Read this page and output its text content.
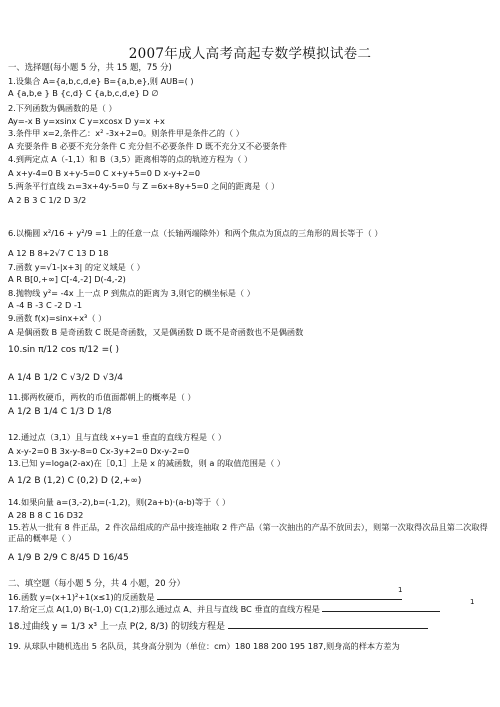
2007年成人高考高起专数学模拟试卷二
一、选择题(每小题 5 分，共 15 题，75 分)
1.设集合 A={a,b,c,d,e} B={a,b,e},则 AUB=( )
A {a,b,e } B {c,d} C {a,b,c,d,e} D ∅
2.下列函数为偶函数的是（ ）
Ay=-x B y=xsinx C y=xcosx D y=x +x
3.条件甲 x=2,条件乙：x² -3x+2=0。则条件甲是条件乙的（ ）
A 充要条件 B 必要不充分条件 C 充分但不必要条件 D 既不充分又不必要条件
4.到两定点 A（-1,1）和 B（3,5）距离相等的点的轨迹方程为（ ）
A x+y-4=0 B x+y-5=0 C x+y+5=0 D x-y+2=0
5.两条平行直线 z₁=3x+4y-5=0 与 Z =6x+8y+5=0 之间的距离是（ ）
A 2 B 3 C 1/2 D 3/2
6.以椭圆 x²/16 + y²/9 =1 上的任意一点（长轴两端除外）和两个焦点为顶点的三角形的周长等于（ ）
A 12 B 8+2√7 C 13 D 18
7.函数 y=√1-|x+3| 的定义域是（ ）
A R B[0,+∞] C[-4,-2] D(-4,-2)
8.抛物线 y²= -4x 上一点 P 到焦点的距离为 3,则它的横坐标是（ ）
A -4 B -3 C -2 D -1
9.函数 f(x)=sinx+x³（ ）
A 是偶函数 B 是奇函数 C 既是奇函数，又是偶函数 D 既不是奇函数也不是偶函数
10.sin π/12 cos π/12 =( )
A 1/4 B 1/2 C √3/2 D √3/4
11.掷两枚硬币，两枚的币值面都朝上的概率是（ ）
A 1/2 B 1/4 C 1/3 D 1/8
12.通过点（3,1）且与直线 x+y=1 垂直的直线方程是（ ）
A x-y-2=0 B 3x-y-8=0 Cx-3y+2=0 Dx-y-2=0
13.已知 y=loga(2-ax)在［0,1］上是 x 的减函数，则 a 的取值范围是（ ）
A 1/2 B (1,2) C (0,2) D (2,+∞)
14.如果向量 a=(3,-2),b=(-1,2)，则(2a+b)·(a-b)等于（ ）
A 28 B 8 C 16 D32
15.若从一批有 8 件正品，2 件次品组成的产品中接连抽取 2 件产品（第一次抽出的产品不放回去），则第一次取得次品且第二次取得正品的概率是（ ）
A 1/9 B 2/9 C 8/45 D 16/45
二、填空题（每小题 5 分，共 4 小题，20 分）
16.函数 y=(x+1)²+1(x≤1)的反函数是
1
17.给定三点 A(1,0) B(-1,0) C(1,2)那么通过点 A、并且与直线 BC 垂直的直线方程是
1
18.过曲线 y = 1/3 x³ 上一点 P(2, 8/3) 的切线方程是
19. 从球队中随机选出 5 名队员，其身高分别为（单位：cm）180 188 200 195 187,则身高的样本方差为
